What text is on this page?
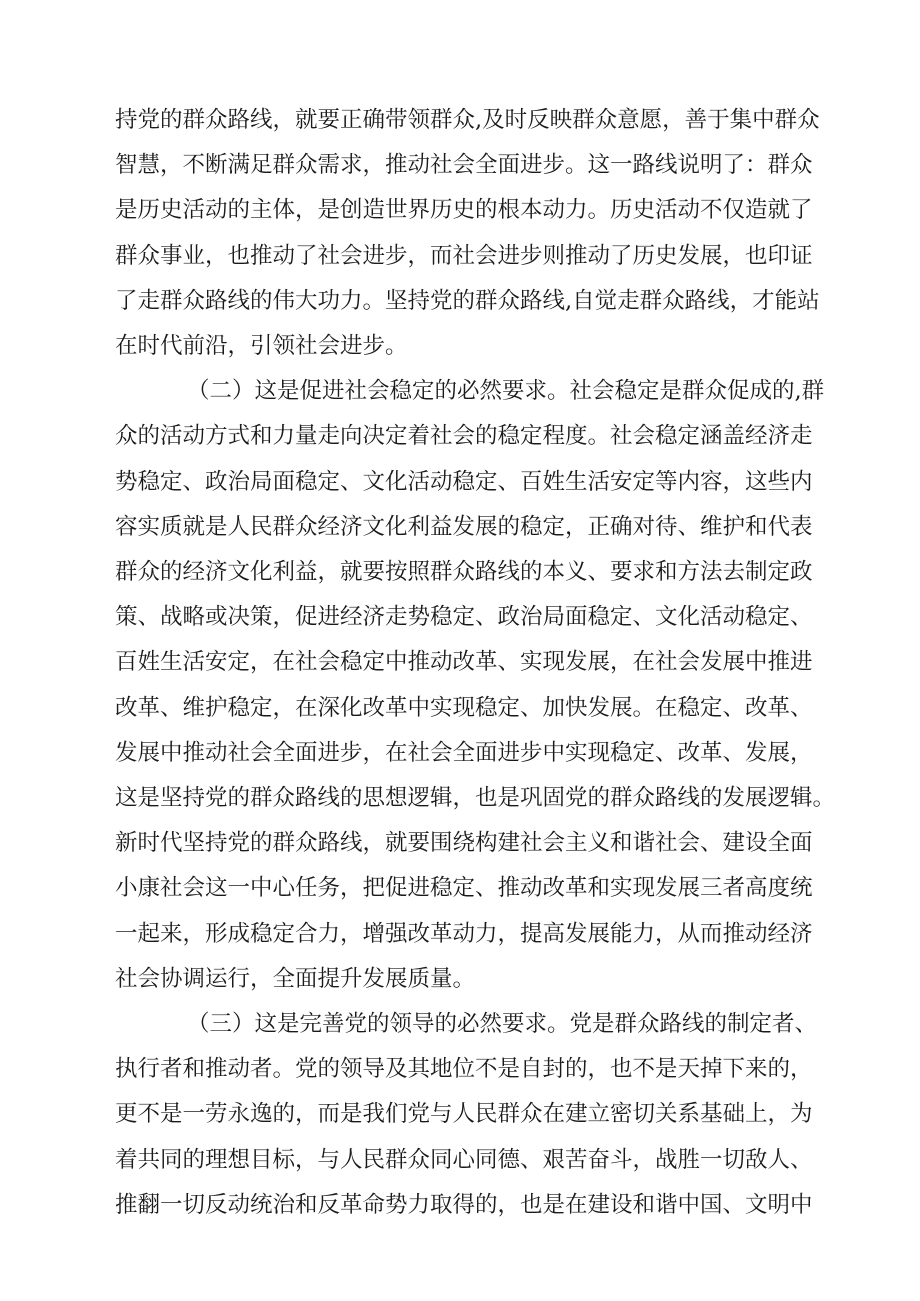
持党的群众路线，就要正确带领群众,及时反映群众意愿，善于集中群众
智慧，不断满足群众需求，推动社会全面进步。这一路线说明了：群众
是历史活动的主体，是创造世界历史的根本动力。历史活动不仅造就了
群众事业，也推动了社会进步，而社会进步则推动了历史发展，也印证
了走群众路线的伟大功力。坚持党的群众路线,自觉走群众路线，才能站
在时代前沿，引领社会进步。
（二）这是促进社会稳定的必然要求。社会稳定是群众促成的,群
众的活动方式和力量走向决定着社会的稳定程度。社会稳定涵盖经济走
势稳定、政治局面稳定、文化活动稳定、百姓生活安定等内容，这些内
容实质就是人民群众经济文化利益发展的稳定，正确对待、维护和代表
群众的经济文化利益，就要按照群众路线的本义、要求和方法去制定政
策、战略或决策，促进经济走势稳定、政治局面稳定、文化活动稳定、
百姓生活安定，在社会稳定中推动改革、实现发展，在社会发展中推进
改革、维护稳定，在深化改革中实现稳定、加快发展。在稳定、改革、
发展中推动社会全面进步，在社会全面进步中实现稳定、改革、发展，
这是坚持党的群众路线的思想逻辑，也是巩固党的群众路线的发展逻辑。
新时代坚持党的群众路线，就要围绕构建社会主义和谐社会、建设全面
小康社会这一中心任务，把促进稳定、推动改革和实现发展三者高度统
一起来，形成稳定合力，增强改革动力，提高发展能力，从而推动经济
社会协调运行，全面提升发展质量。
（三）这是完善党的领导的必然要求。党是群众路线的制定者、
执行者和推动者。党的领导及其地位不是自封的，也不是天掉下来的，
更不是一劳永逸的，而是我们党与人民群众在建立密切关系基础上，为
着共同的理想目标，与人民群众同心同德、艰苦奋斗，战胜一切敌人、
推翻一切反动统治和反革命势力取得的，也是在建设和谐中国、文明中
